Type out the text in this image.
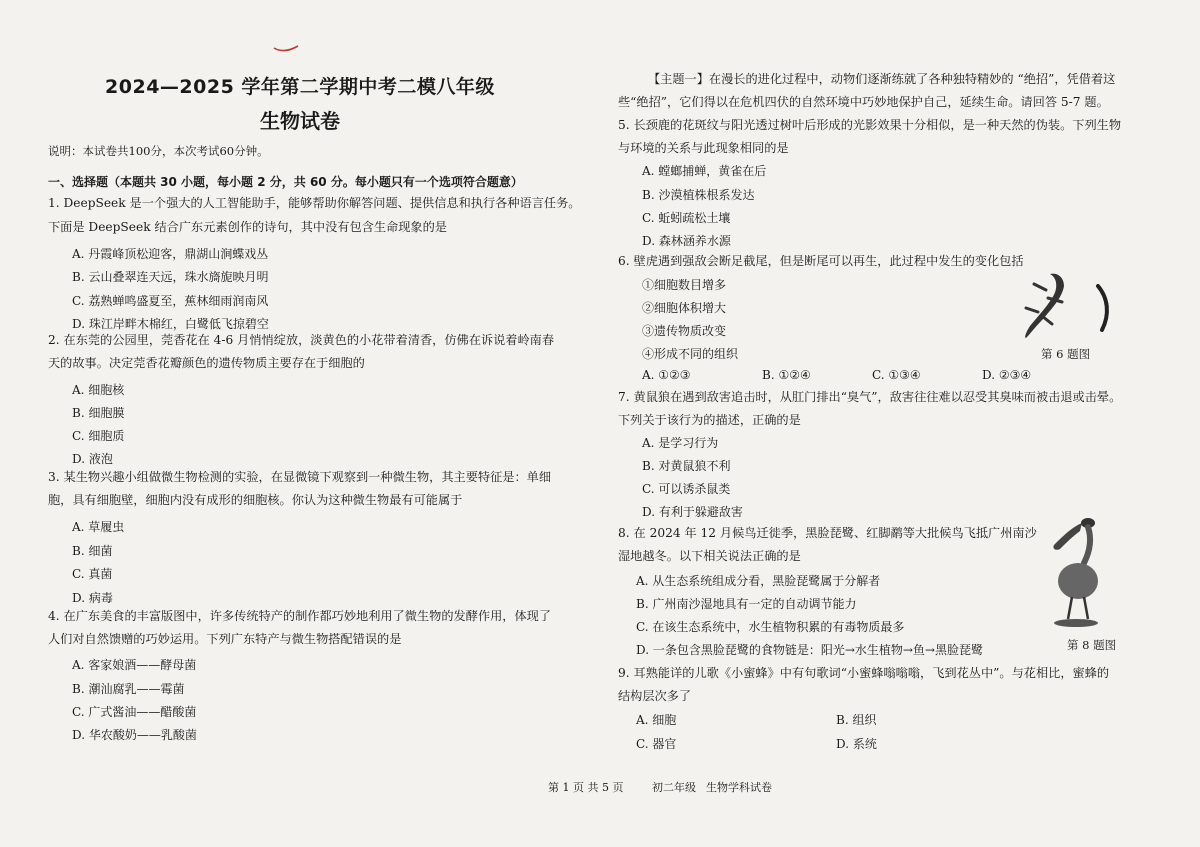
2024—2025 学年第二学期中考二模八年级
生物试卷
说明：本试卷共100分，本次考试60分钟。
一、选择题（本题共 30 小题，每小题 2 分，共 60 分。每小题只有一个选项符合题意）
1. DeepSeek 是一个强大的人工智能助手，能够帮助你解答问题、提供信息和执行各种语言任务。
下面是 DeepSeek 结合广东元素创作的诗句，其中没有包含生命现象的是
A. 丹霞峰顶松迎客，鼎湖山涧蝶戏丛
B. 云山叠翠连天远，珠水旖旎映月明
C. 荔熟蝉鸣盛夏至，蕉林细雨润南风
D. 珠江岸畔木棉红，白鹭低飞掠碧空
2. 在东莞的公园里，莞香花在 4-6 月悄悄绽放，淡黄色的小花带着清香，仿佛在诉说着岭南春
天的故事。决定莞香花瓣颜色的遗传物质主要存在于细胞的
A. 细胞核
B. 细胞膜
C. 细胞质
D. 液泡
3. 某生物兴趣小组做微生物检测的实验，在显微镜下观察到一种微生物，其主要特征是：单细
胞，具有细胞壁，细胞内没有成形的细胞核。你认为这种微生物最有可能属于
A. 草履虫
B. 细菌
C. 真菌
D. 病毒
4. 在广东美食的丰富版图中，许多传统特产的制作都巧妙地利用了微生物的发酵作用，体现了
人们对自然馈赠的巧妙运用。下列广东特产与微生物搭配错误的是
A. 客家娘酒——酵母菌
B. 潮汕腐乳——霉菌
C. 广式酱油——醋酸菌
D. 华农酸奶——乳酸菌
【主题一】在漫长的进化过程中，动物们逐渐练就了各种独特精妙的 “绝招”，凭借着这
些“绝招”，它们得以在危机四伏的自然环境中巧妙地保护自己，延续生命。请回答 5-7 题。
5. 长颈鹿的花斑纹与阳光透过树叶后形成的光影效果十分相似，是一种天然的伪装。下列生物
与环境的关系与此现象相同的是
A. 螳螂捕蝉，黄雀在后
B. 沙漠植株根系发达
C. 蚯蚓疏松土壤
D. 森林涵养水源
6. 壁虎遇到强敌会断足截尾，但是断尾可以再生，此过程中发生的变化包括
①细胞数目增多
②细胞体积增大
③遗传物质改变
④形成不同的组织
A. ①②③	B. ①②④	C. ①③④	D. ②③④
第 6 题图
7. 黄鼠狼在遇到敌害追击时，从肛门排出“臭气”，敌害往往难以忍受其臭味而被击退或击晕。
下列关于该行为的描述，正确的是
A. 是学习行为
B. 对黄鼠狼不利
C. 可以诱杀鼠类
D. 有利于躲避敌害
8. 在 2024 年 12 月候鸟迁徙季，黑脸琵鹭、红脚鹬等大批候鸟飞抵广州南沙
湿地越冬。以下相关说法正确的是
A. 从生态系统组成分看，黑脸琵鹭属于分解者
B. 广州南沙湿地具有一定的自动调节能力
C. 在该生态系统中，水生植物积累的有毒物质最多
D. 一条包含黑脸琵鹭的食物链是：阳光→水生植物→鱼→黑脸琵鹭	第 8 题图
9. 耳熟能详的儿歌《小蜜蜂》中有句歌词“小蜜蜂嗡嗡嗡，飞到花丛中”。与花相比，蜜蜂的
结构层次多了
A. 细胞	B. 组织
C. 器官	D. 系统
第 1 页 共 5 页	初二年级 生物学科试卷
